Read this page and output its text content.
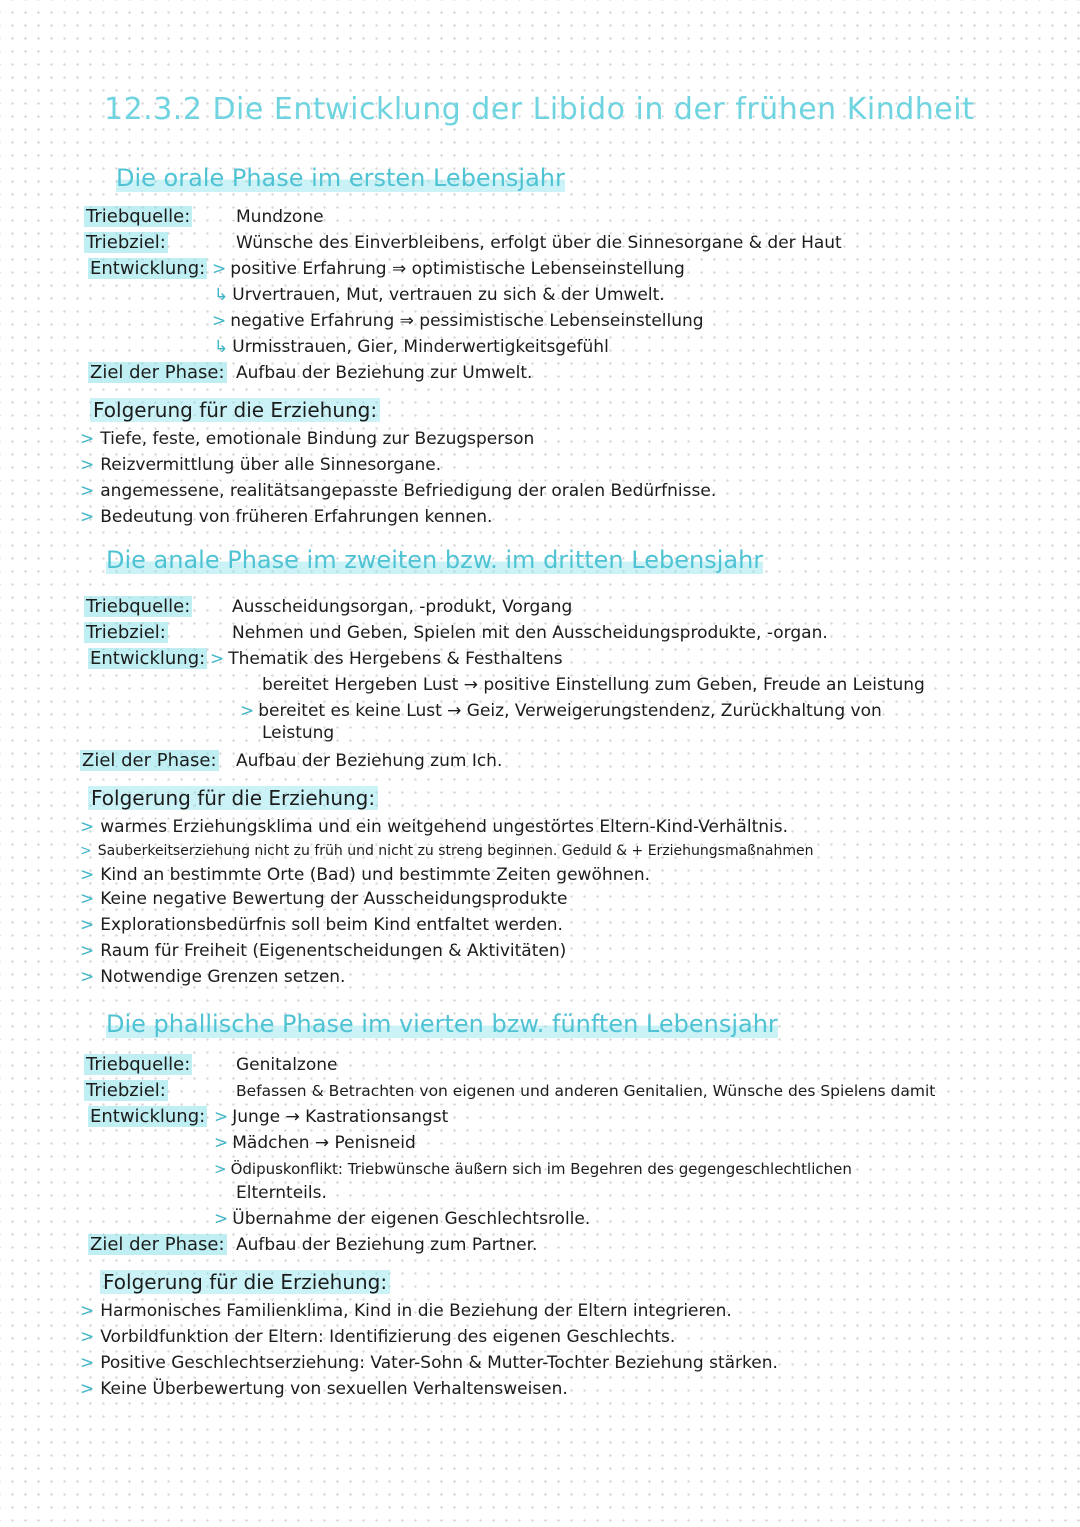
12.3.2 Die Entwicklung der Libido in der frühen Kindheit
Die orale Phase im ersten Lebensjahr
Triebquelle:	Mundzone
Triebziel:	Wünsche des Einverbleibens, erfolgt über die Sinnesorgane & der Haut
Entwicklung: > positive Erfahrung ⇒ optimistische Lebenseinstellung
↳ Urvertrauen, Mut, vertrauen zu sich & der Umwelt.
> negative Erfahrung ⇒ pessimistische Lebenseinstellung
↳ Urmisstrauen, Gier, Minderwertigkeitsgefühl
Ziel der Phase: Aufbau der Beziehung zur Umwelt.
Folgerung für die Erziehung:
> Tiefe, feste, emotionale Bindung zur Bezugsperson
> Reizvermittlung über alle Sinnesorgane.
> angemessene, realitätsangepasste Befriedigung der oralen Bedürfnisse.
> Bedeutung von früheren Erfahrungen kennen.
Die anale Phase im zweiten bzw. im dritten Lebensjahr
Triebquelle: Ausscheidungsorgan, -produkt, Vorgang
Triebziel:	Nehmen und Geben, Spielen mit den Ausscheidungsprodukte, -organ.
Entwicklung: > Thematik des Hergebens & Festhaltens
bereitet Hergeben Lust → positive Einstellung zum Geben, Freude an Leistung
> bereitet es keine Lust → Geiz, Verweigerungstendenz, Zurückhaltung von
Leistung
Ziel der Phase: Aufbau der Beziehung zum Ich.
Folgerung für die Erziehung:
> warmes Erziehungsklima und ein weitgehend ungestörtes Eltern-Kind-Verhältnis.
> Sauberkeitserziehung nicht zu früh und nicht zu streng beginnen. Geduld & + Erziehungsmaßnahmen
> Kind an bestimmte Orte (Bad) und bestimmte Zeiten gewöhnen.
> Keine negative Bewertung der Ausscheidungsprodukte
> Explorationsbedürfnis soll beim Kind entfaltet werden.
> Raum für Freiheit (Eigenentscheidungen & Aktivitäten)
> Notwendige Grenzen setzen.
Die phallische Phase im vierten bzw. fünften Lebensjahr
Triebquelle:	Genitalzone
Triebziel:	Befassen & Betrachten von eigenen und anderen Genitalien, Wünsche des Spielens damit
Entwicklung: > Junge → Kastrationsangst
> Mädchen → Penisneid
> Ödipuskonflikt: Triebwünsche äußern sich im Begehren des gegengeschlechtlichen
Elternteils.
> Übernahme der eigenen Geschlechtsrolle.
Ziel der Phase: Aufbau der Beziehung zum Partner.
Folgerung für die Erziehung:
> Harmonisches Familienklima, Kind in die Beziehung der Eltern integrieren.
> Vorbildfunktion der Eltern: Identifizierung des eigenen Geschlechts.
> Positive Geschlechtserziehung: Vater-Sohn & Mutter-Tochter Beziehung stärken.
> Keine Überbewertung von sexuellen Verhaltensweisen.
